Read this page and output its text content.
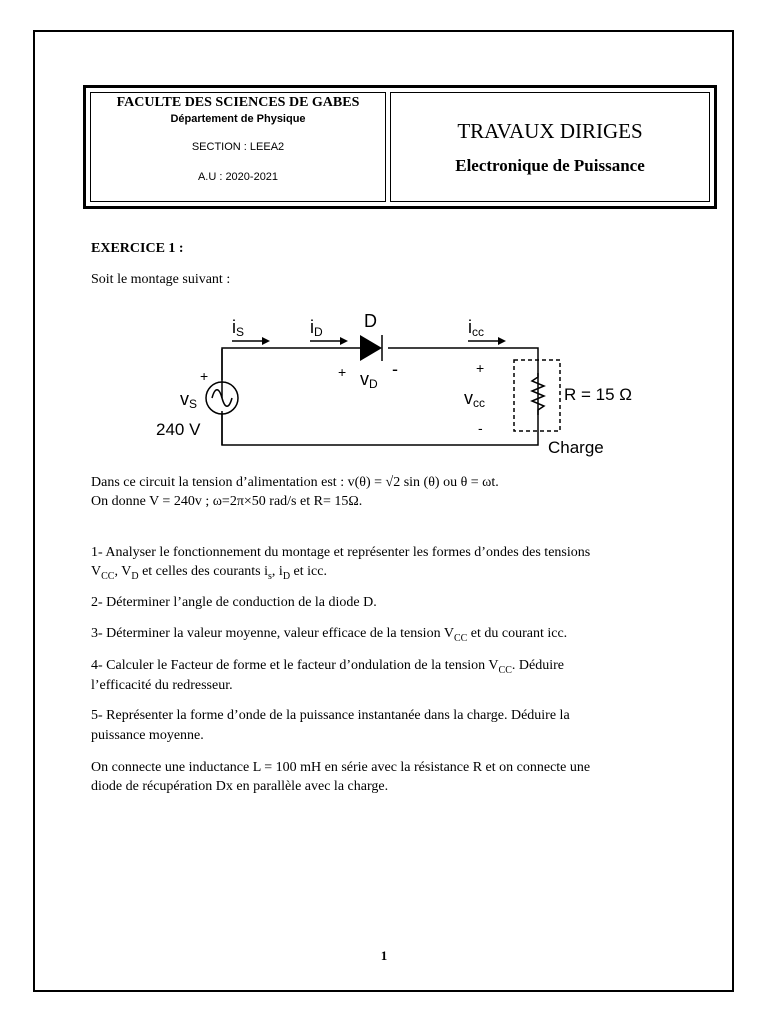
FACULTE DES SCIENCES DE GABES
Département de Physique
SECTION : LEEA2
A.U : 2020-2021
TRAVAUX DIRIGES
Electronique de Puissance
EXERCICE 1 :
Soit le montage suivant :
iS	iD
D	icc
+ vD
-
+
vS
240 V
+
vcc
-
R = 15 Ω
Charge
Dans ce circuit la tension d’alimentation est : v(θ) = √2 sin (θ) ou θ = ωt.
On donne V = 240v ; ω=2π×50 rad/s et R= 15Ω.
1- Analyser le fonctionnement du montage et représenter les formes d’ondes des tensions
$V_{CC}$, $V_D$ et celles des courants $i_s$, $i_D$ et icc.
2- Déterminer l’angle de conduction de la diode D.
3- Déterminer la valeur moyenne, valeur efficace de la tension $V_{CC}$ et du courant icc.
4- Calculer le Facteur de forme et le facteur d’ondulation de la tension $V_{CC}$. Déduire
l’efficacité du redresseur.
5- Représenter la forme d’onde de la puissance instantanée dans la charge. Déduire la
puissance moyenne.
On connecte une inductance L = 100 mH en série avec la résistance R et on connecte une
diode de récupération Dx en parallèle avec la charge.
1
